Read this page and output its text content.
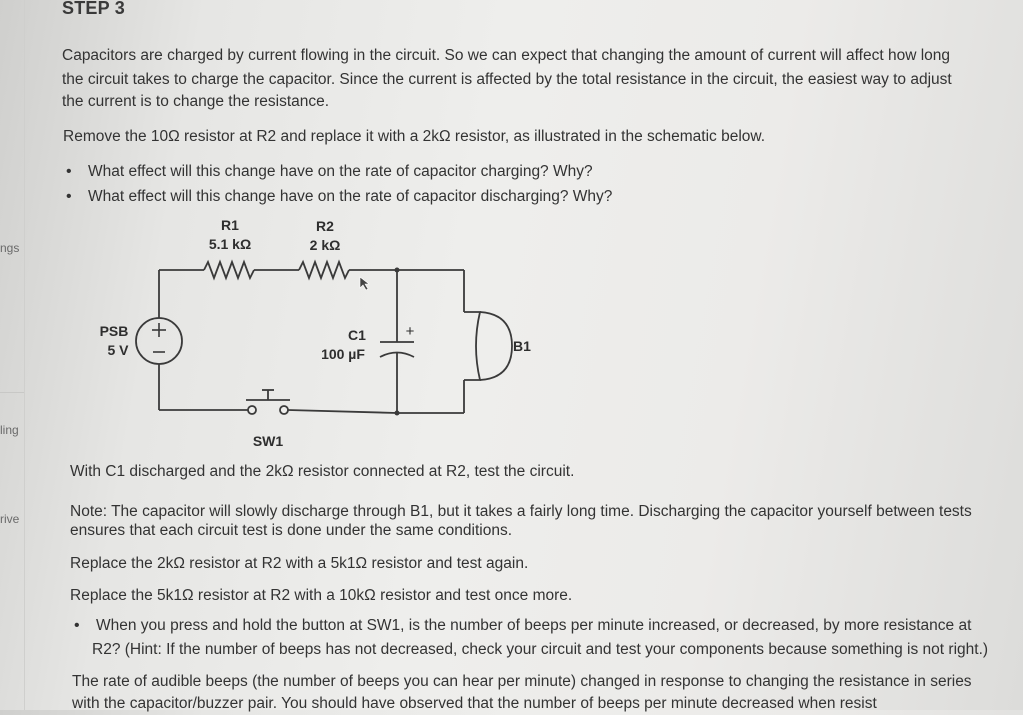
ngs
ling
rive
STEP 3
Capacitors are charged by current flowing in the circuit. So we can expect that changing the amount of current will affect how long
the circuit takes to charge the capacitor. Since the current is affected by the total resistance in the circuit, the easiest way to adjust
the current is to change the resistance.
Remove the 10Ω resistor at R2 and replace it with a 2kΩ resistor, as illustrated in the schematic below.
• What effect will this change have on the rate of capacitor charging? Why?
• What effect will this change have on the rate of capacitor discharging? Why?
R1
5.1 kΩ
R2
2 kΩ
PSB
5 V
C1
100 µF
+
B1
SW1
With C1 discharged and the 2kΩ resistor connected at R2, test the circuit.
Note: The capacitor will slowly discharge through B1, but it takes a fairly long time. Discharging the capacitor yourself between tests
ensures that each circuit test is done under the same conditions.
Replace the 2kΩ resistor at R2 with a 5k1Ω resistor and test again.
Replace the 5k1Ω resistor at R2 with a 10kΩ resistor and test once more.
• When you press and hold the button at SW1, is the number of beeps per minute increased, or decreased, by more resistance at
R2? (Hint: If the number of beeps has not decreased, check your circuit and test your components because something is not right.)
The rate of audible beeps (the number of beeps you can hear per minute) changed in response to changing the resistance in series
with the capacitor/buzzer pair. You should have observed that the number of beeps per minute decreased when resist
